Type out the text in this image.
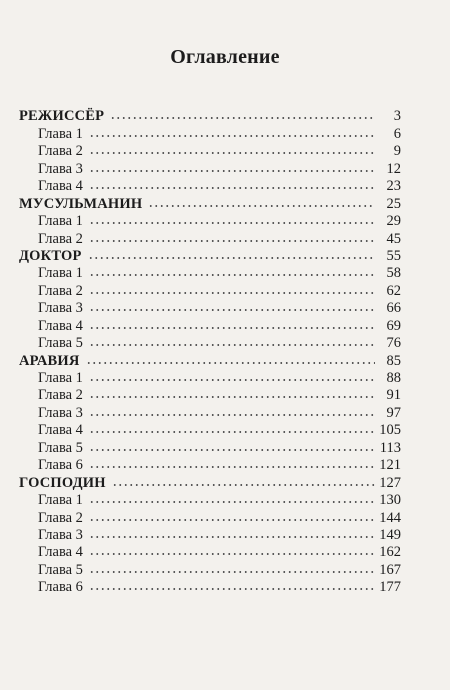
Оглавление
РЕЖИССЁР	3
Глава 1	6
Глава 2	9
Глава 3	12
Глава 4	23
МУСУЛЬМАНИН	25
Глава 1	29
Глава 2	45
ДОКТОР	55
Глава 1	58
Глава 2	62
Глава 3	66
Глава 4	69
Глава 5	76
АРАВИЯ	85
Глава 1	88
Глава 2	91
Глава 3	97
Глава 4	105
Глава 5	113
Глава 6	121
ГОСПОДИН	127
Глава 1	130
Глава 2	144
Глава 3	149
Глава 4	162
Глава 5	167
Глава 6	177
